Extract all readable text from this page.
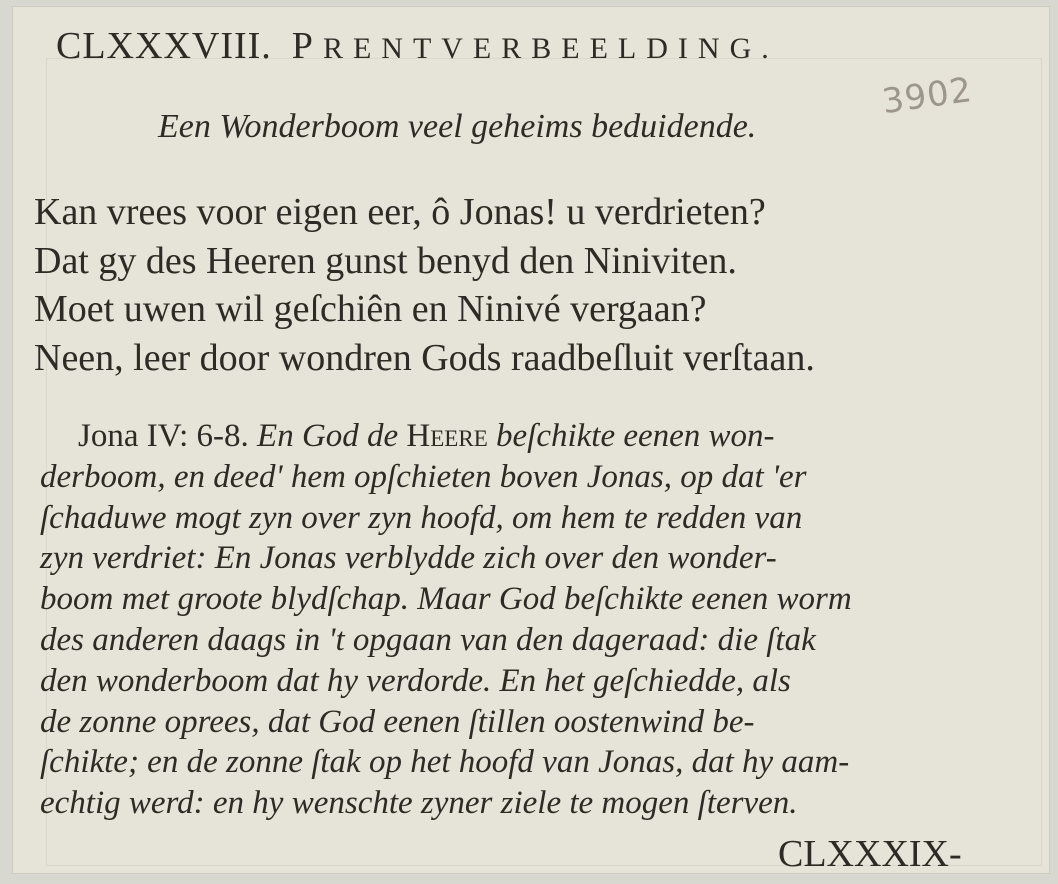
CLXXXVIII. PRENTVERBEELDING.
3902
Een Wonderboom veel geheims beduidende.
Kan vrees voor eigen eer, ô Jonas! u verdrieten?
Dat gy des Heeren gunst benyd den Niniviten.
Moet uwen wil geſchiên en Ninivé vergaan?
Neen, leer door wondren Gods raadbeſluit verſtaan.
Jona IV: 6-8. En God de Heere beſchikte eenen won-
derboom, en deed' hem opſchieten boven Jonas, op dat 'er
ſchaduwe mogt zyn over zyn hoofd, om hem te redden van
zyn verdriet: En Jonas verblydde zich over den wonder-
boom met groote blydſchap. Maar God beſchikte eenen worm
des anderen daags in 't opgaan van den dageraad: die ſtak
den wonderboom dat hy verdorde. En het geſchiedde, als
de zonne oprees, dat God eenen ſtillen oostenwind be-
ſchikte; en de zonne ſtak op het hoofd van Jonas, dat hy aam-
echtig werd: en hy wenschte zyner ziele te mogen ſterven.
CLXXXIX-
